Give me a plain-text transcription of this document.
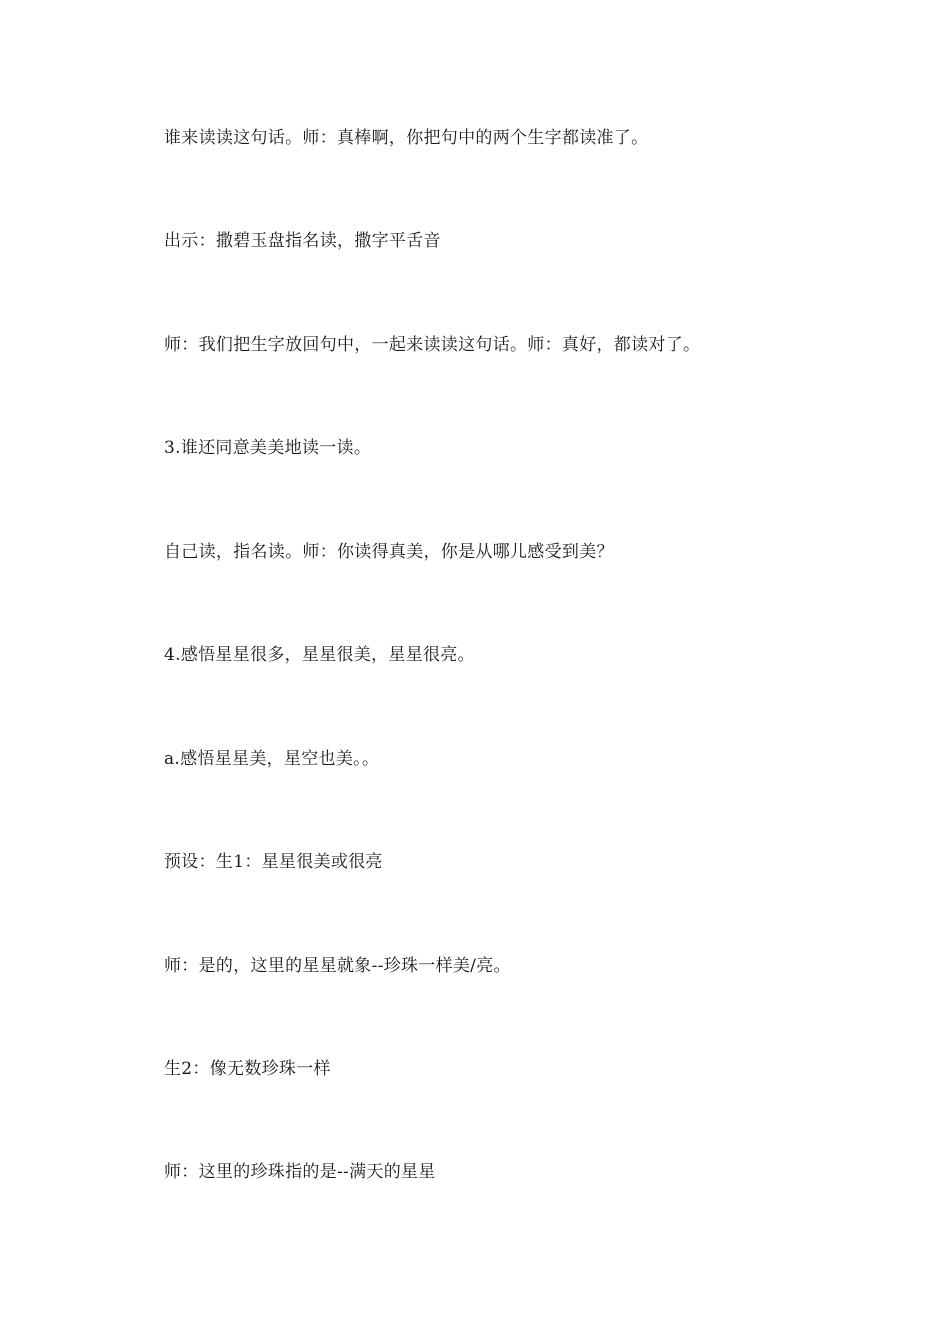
谁来读读这句话。师：真棒啊，你把句中的两个生字都读准了。

出示：撒碧玉盘指名读，撒字平舌音

师：我们把生字放回句中，一起来读读这句话。师：真好，都读对了。

3.谁还同意美美地读一读。

自己读，指名读。师：你读得真美，你是从哪儿感受到美？

4.感悟星星很多，星星很美，星星很亮。

a.感悟星星美，星空也美。。

预设：生1：星星很美或很亮

师：是的，这里的星星就象--珍珠一样美/亮。

生2：像无数珍珠一样

师：这里的珍珠指的是--满天的星星
